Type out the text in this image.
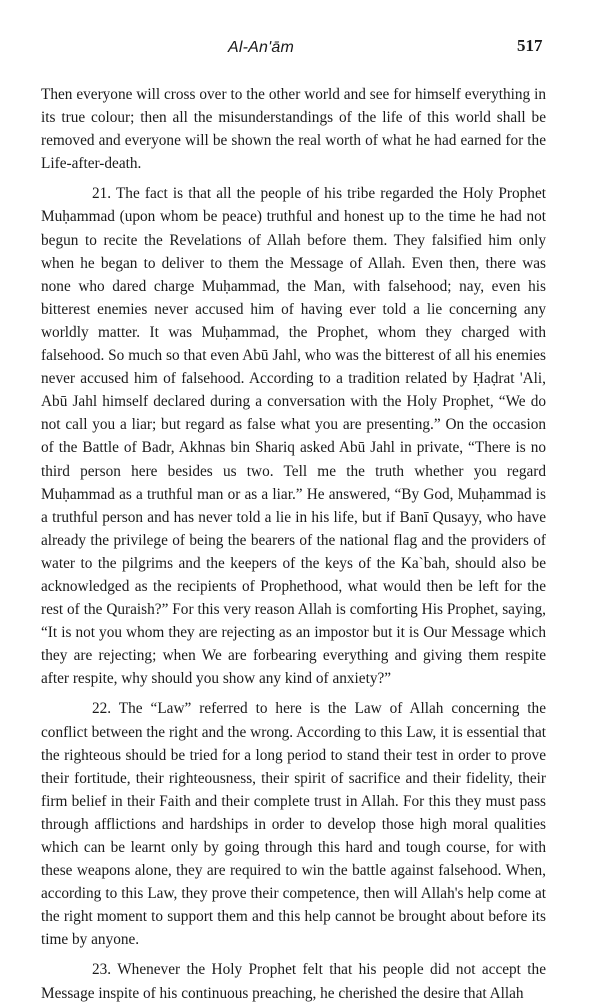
Al-An'ām	517

Then everyone will cross over to the other world and see for himself everything in its true colour; then all the misunderstandings of the life of this world shall be removed and everyone will be shown the real worth of what he had earned for the Life-after-death.

21. The fact is that all the people of his tribe regarded the Holy Prophet Muḥammad (upon whom be peace) truthful and honest up to the time he had not begun to recite the Revelations of Allah before them. They falsified him only when he began to deliver to them the Message of Allah. Even then, there was none who dared charge Muḥammad, the Man, with falsehood; nay, even his bitterest enemies never accused him of having ever told a lie concerning any worldly matter. It was Muḥammad, the Prophet, whom they charged with falsehood. So much so that even Abū Jahl, who was the bitterest of all his enemies never accused him of falsehood. According to a tradition related by Ḥaḍrat 'Ali, Abū Jahl himself declared during a conversation with the Holy Prophet, “We do not call you a liar; but regard as false what you are presenting.” On the occasion of the Battle of Badr, Akhnas bin Shariq asked Abū Jahl in private, “There is no third person here besides us two. Tell me the truth whether you regard Muḥammad as a truthful man or as a liar.” He answered, “By God, Muḥammad is a truthful person and has never told a lie in his life, but if Banī Qusayy, who have already the privilege of being the bearers of the national flag and the providers of water to the pilgrims and the keepers of the keys of the Ka`bah, should also be acknowledged as the recipients of Prophethood, what would then be left for the rest of the Quraish?” For this very reason Allah is comforting His Prophet, saying, “It is not you whom they are rejecting as an impostor but it is Our Message which they are rejecting; when We are forbearing everything and giving them respite after respite, why should you show any kind of anxiety?”

22. The “Law” referred to here is the Law of Allah concerning the conflict between the right and the wrong. According to this Law, it is essential that the righteous should be tried for a long period to stand their test in order to prove their fortitude, their righteousness, their spirit of sacrifice and their fidelity, their firm belief in their Faith and their complete trust in Allah. For this they must pass through afflictions and hardships in order to develop those high moral qualities which can be learnt only by going through this hard and tough course, for with these weapons alone, they are required to win the battle against falsehood. When, according to this Law, they prove their competence, then will Allah's help come at the right moment to support them and this help cannot be brought about before its time by anyone.

23. Whenever the Holy Prophet felt that his people did not accept the Message inspite of his continuous preaching, he cherished the desire that Allah
